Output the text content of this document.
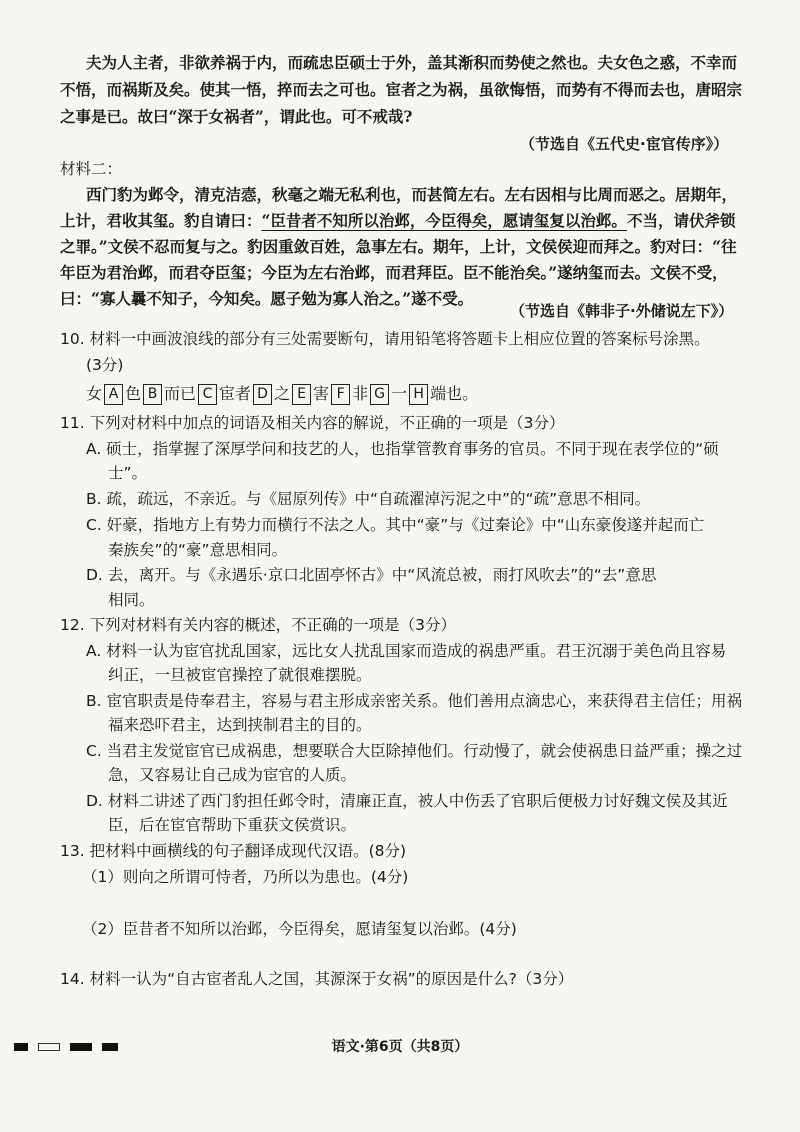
夫为人主者，非欲养祸于内，而疏忠臣硕士于外，盖其渐积而势使之然也。夫女色之惑，不幸而
不悟，而祸斯及矣。使其一悟，捽而去之可也。宦者之为祸，虽欲悔悟，而势有不得而去也，唐昭宗
之事是已。故曰“深于女祸者”，谓此也。可不戒哉?
（节选自《五代史·宦官传序》）
材料二：
西门豹为邺令，清克洁悫，秋毫之端无私利也，而甚简左右。左右因相与比周而恶之。居期年，
上计，君收其玺。豹自请曰：“臣昔者不知所以治邺，今臣得矣，愿请玺复以治邺。不当，请伏斧锁
之罪。”文侯不忍而复与之。豹因重敛百姓，急事左右。期年，上计，文侯侯迎而拜之。豹对曰：“往
年臣为君治邺，而君夺臣玺；今臣为左右治邺，而君拜臣。臣不能治矣。”遂纳玺而去。文侯不受，
曰：“寡人曩不知子，今知矣。愿子勉为寡人治之。”遂不受。
（节选自《韩非子·外储说左下》）
10. 材料一中画波浪线的部分有三处需要断句，请用铅笔将答题卡上相应位置的答案标号涂黑。
(3分)
女 A 色 B 而已 C 宦者 D 之 E 害 F 非 G 一 H 端也。
11. 下列对材料中加点的词语及相关内容的解说，不正确的一项是（3分）
A. 硕士，指掌握了深厚学问和技艺的人，也指掌管教育事务的官员。不同于现在表学位的“硕
士”。
B. 疏，疏远，不亲近。与《屈原列传》中“自疏濯淖污泥之中”的“疏”意思不相同。
C. 奸豪，指地方上有势力而横行不法之人。其中“豪”与《过秦论》中“山东豪俊遂并起而亡
秦族矣”的“豪”意思相同。
D. 去，离开。与《永遇乐·京口北固亭怀古》中“风流总被，雨打风吹去”的“去”意思
相同。
12. 下列对材料有关内容的概述，不正确的一项是（3分）
A. 材料一认为宦官扰乱国家，远比女人扰乱国家而造成的祸患严重。君王沉溺于美色尚且容易
纠正，一旦被宦官操控了就很难摆脱。
B. 宦官职责是侍奉君主，容易与君主形成亲密关系。他们善用点滴忠心，来获得君主信任；用祸
福来恐吓君主，达到挟制君主的目的。
C. 当君主发觉宦官已成祸患，想要联合大臣除掉他们。行动慢了，就会使祸患日益严重；操之过
急，又容易让自己成为宦官的人质。
D. 材料二讲述了西门豹担任邺令时，清廉正直，被人中伤丢了官职后便极力讨好魏文侯及其近
臣，后在宦官帮助下重获文侯赏识。
13. 把材料中画横线的句子翻译成现代汉语。(8分)
（1）则向之所谓可恃者，乃所以为患也。(4分)
（2）臣昔者不知所以治邺，今臣得矣，愿请玺复以治邺。(4分)
14. 材料一认为“自古宦者乱人之国，其源深于女祸”的原因是什么?（3分）
语文·第6页（共8页）
